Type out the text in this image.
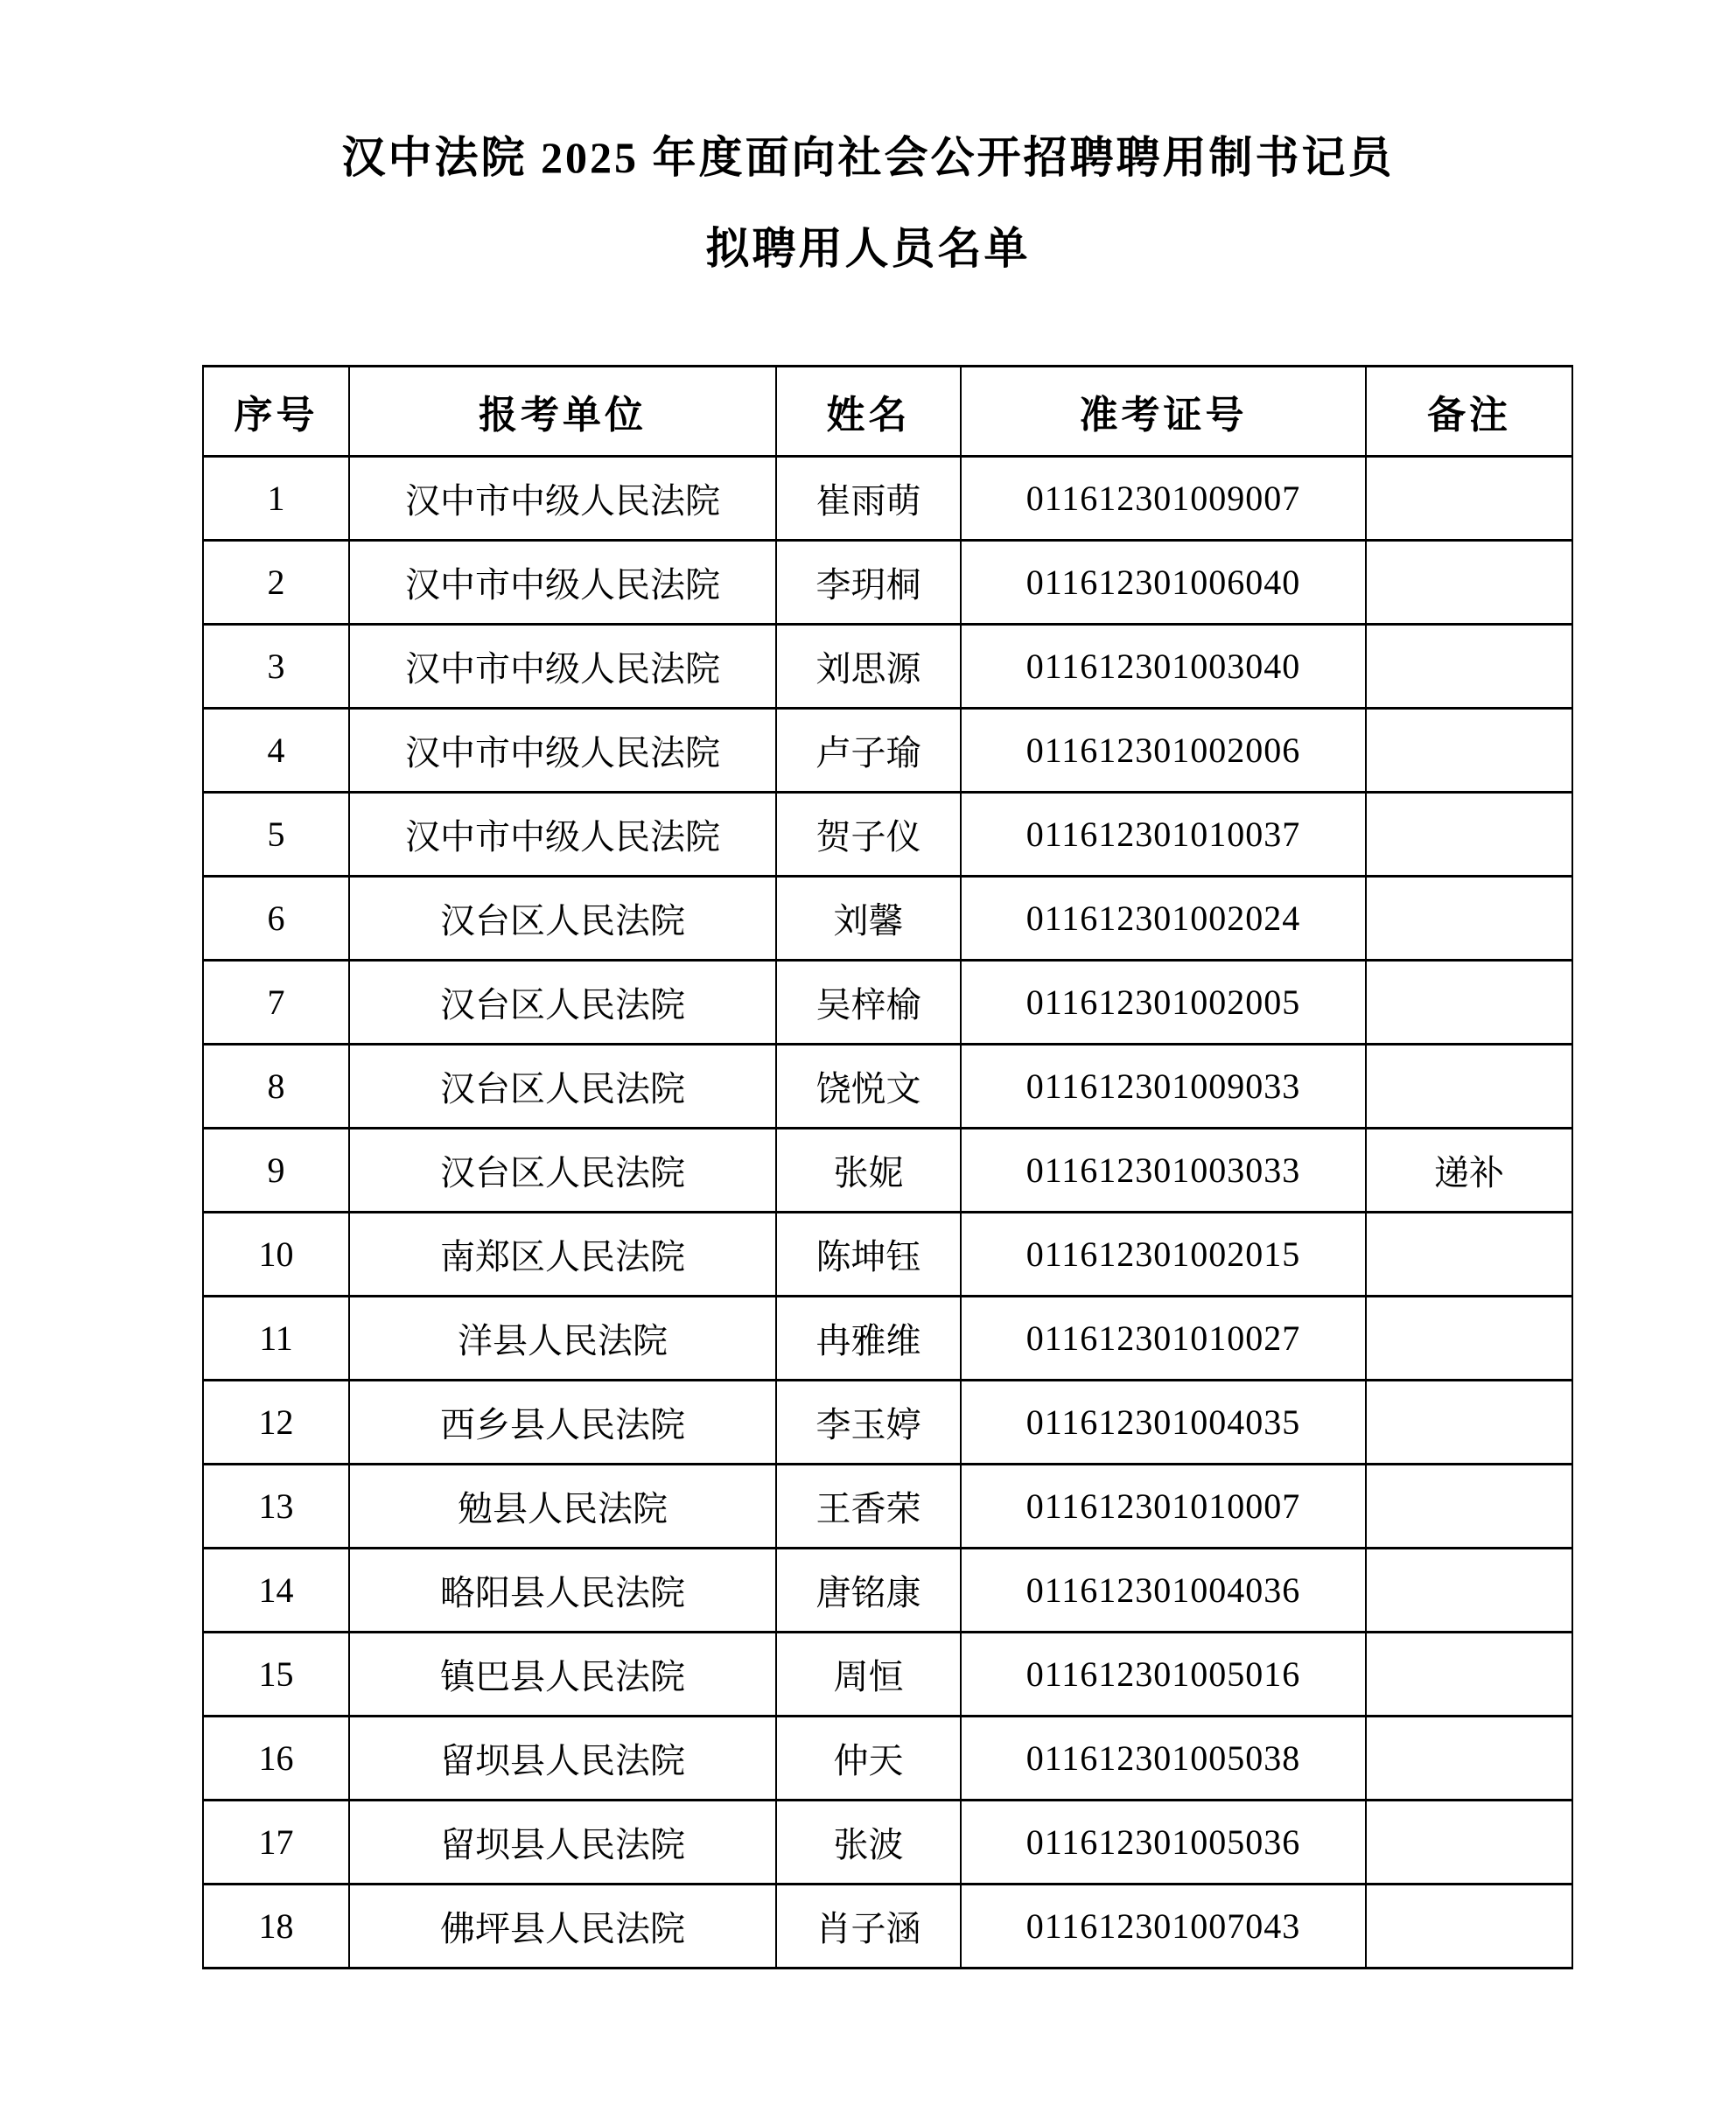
汉中法院 2025 年度面向社会公开招聘聘用制书记员
拟聘用人员名单
序号	报考单位	姓名	准考证号	备注
1	汉中市中级人民法院	崔雨萌	011612301009007	
2	汉中市中级人民法院	李玥桐	011612301006040	
3	汉中市中级人民法院	刘思源	011612301003040	
4	汉中市中级人民法院	卢子瑜	011612301002006	
5	汉中市中级人民法院	贺子仪	011612301010037	
6	汉台区人民法院	刘馨	011612301002024	
7	汉台区人民法院	吴梓榆	011612301002005	
8	汉台区人民法院	饶悦文	011612301009033	
9	汉台区人民法院	张妮	011612301003033	递补
10	南郑区人民法院	陈坤钰	011612301002015	
11	洋县人民法院	冉雅维	011612301010027	
12	西乡县人民法院	李玉婷	011612301004035	
13	勉县人民法院	王香荣	011612301010007	
14	略阳县人民法院	唐铭康	011612301004036	
15	镇巴县人民法院	周恒	011612301005016	
16	留坝县人民法院	仲天	011612301005038	
17	留坝县人民法院	张波	011612301005036	
18	佛坪县人民法院	肖子涵	011612301007043	
